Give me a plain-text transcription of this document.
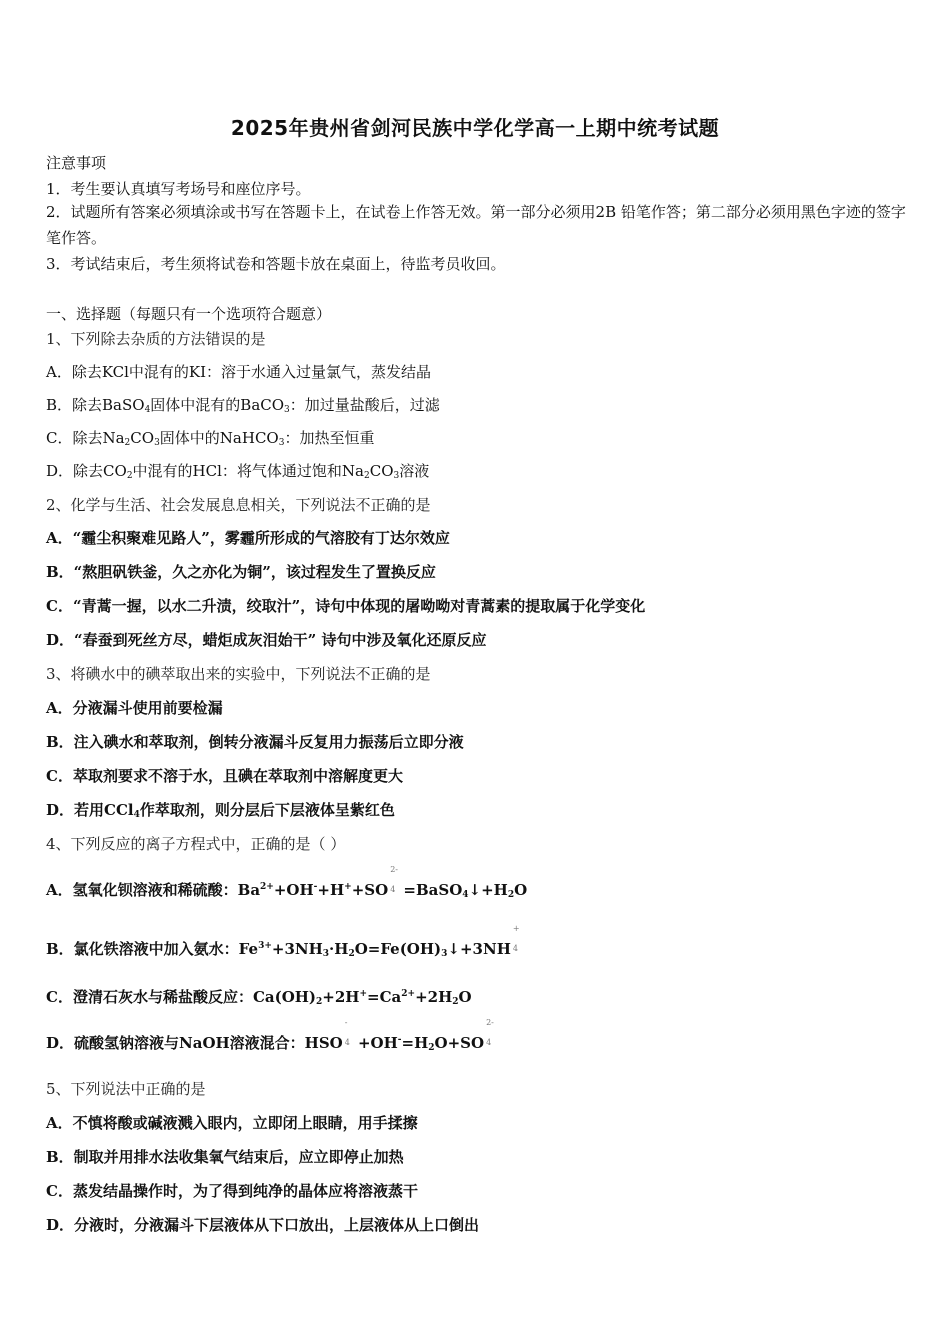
2025年贵州省剑河民族中学化学高一上期中统考试题
注意事项
1．考生要认真填写考场号和座位序号。
2．试题所有答案必须填涂或书写在答题卡上，在试卷上作答无效。第一部分必须用2B 铅笔作答；第二部分必须用黑色字迹的签字笔作答。
3．考试结束后，考生须将试卷和答题卡放在桌面上，待监考员收回。
一、选择题（每题只有一个选项符合题意）
1、下列除去杂质的方法错误的是
A．除去KCl中混有的KI：溶于水通入过量氯气，蒸发结晶
B．除去BaSO$_4$固体中混有的BaCO$_3$：加过量盐酸后，过滤
C．除去$Na_2CO_3$固体中的NaHCO$_3$：加热至恒重
D．除去$CO_2$中混有的HCl：将气体通过饱和$Na_2CO_3$溶液
2、化学与生活、社会发展息息相关，下列说法不正确的是
A．“霾尘积聚难见路人”，雾霾所形成的气溶胶有丁达尔效应
B．“熬胆矾铁釜，久之亦化为铜”，该过程发生了置换反应
C．“青蒿一握，以水二升渍，绞取汁”，诗句中体现的屠呦呦对青蒿素的提取属于化学变化
D．“春蚕到死丝方尽，蜡炬成灰泪始干” 诗句中涉及氧化还原反应
3、将碘水中的碘萃取出来的实验中，下列说法不正确的是
A．分液漏斗使用前要检漏
B．注入碘水和萃取剂，倒转分液漏斗反复用力振荡后立即分液
C．萃取剂要求不溶于水，且碘在萃取剂中溶解度更大
D．若用CCl$_4$作萃取剂，则分层后下层液体呈紫红色
4、下列反应的离子方程式中，正确的是（ ）
A．氢氧化钡溶液和稀硫酸：$Ba^{2+}+OH^-+H^++SO$
2-
$4 =BaSO_4↓+H_2O$
B．氯化铁溶液中加入氨水：$Fe^{3+}+3NH_3\cdot H_2O=Fe(OH)_3↓+3NH$
+
4
C．澄清石灰水与稀盐酸反应：$Ca(OH)_2+2H^+=Ca^{2+}+2H_2O$
D．硫酸氢钠溶液与NaOH溶液混合：HSO
-
$4 +OH^-=H_2O+SO$
2-
4
5、下列说法中正确的是
A．不慎将酸或碱液溅入眼内，立即闭上眼睛，用手揉擦
B．制取并用排水法收集氧气结束后，应立即停止加热
C．蒸发结晶操作时，为了得到纯净的晶体应将溶液蒸干
D．分液时，分液漏斗下层液体从下口放出，上层液体从上口倒出
